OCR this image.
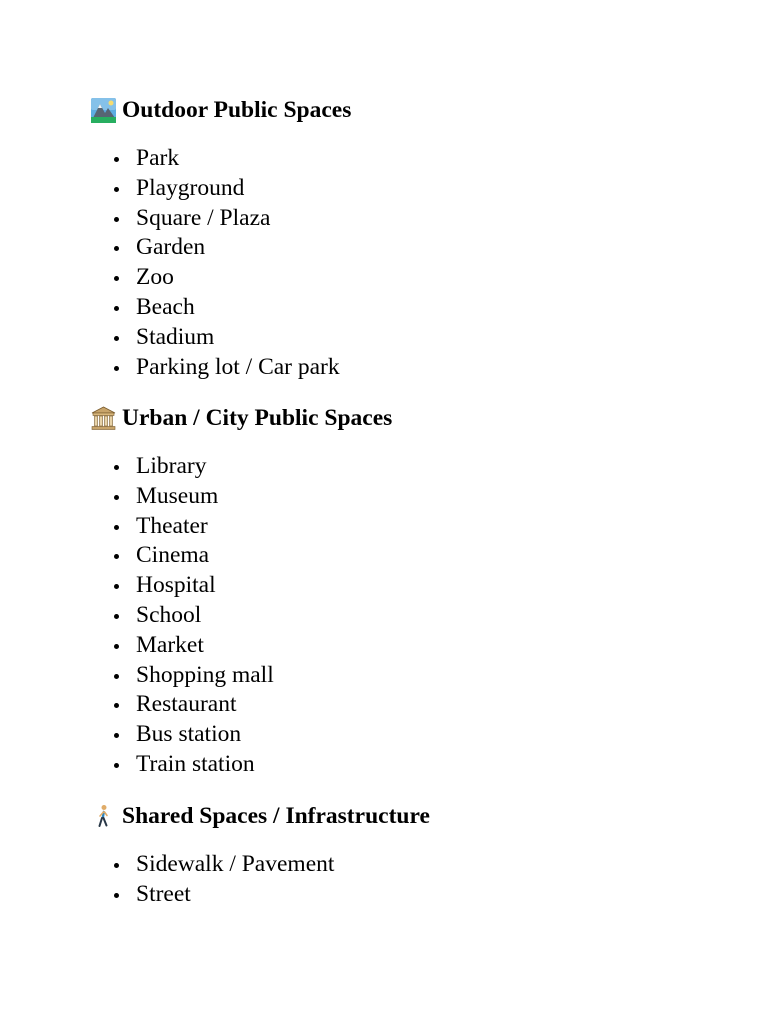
Outdoor Public Spaces
Park
Playground
Square / Plaza
Garden
Zoo
Beach
Stadium
Parking lot / Car park
Urban / City Public Spaces
Library
Museum
Theater
Cinema
Hospital
School
Market
Shopping mall
Restaurant
Bus station
Train station
Shared Spaces / Infrastructure
Sidewalk / Pavement
Street
